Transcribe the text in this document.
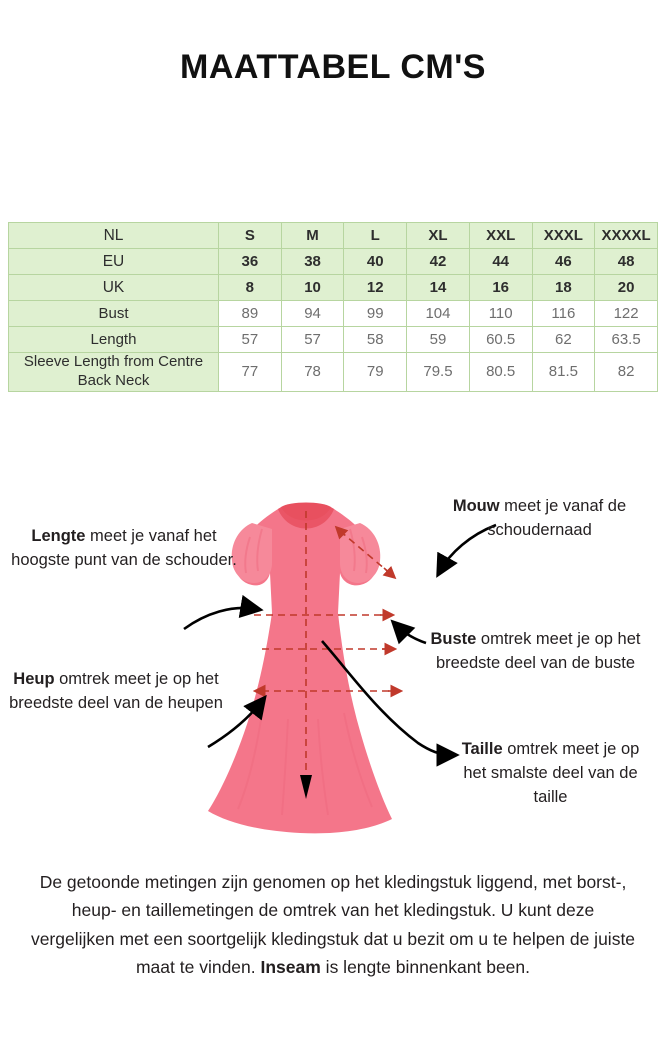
MAATTABEL CM'S
NL	S	M	L	XL	XXL	XXXL	XXXXL
EU	36	38	40	42	44	46	48
UK	8	10	12	14	16	18	20
Bust	89	94	99	104	110	116	122
Length	57	57	58	59	60.5	62	63.5
Sleeve Length from Centre Back Neck	77	78	79	79.5	80.5	81.5	82
Mouw meet je vanaf de schoudernaad
Lengte meet je vanaf het hoogste punt van de schouder.
Buste omtrek meet je op het breedste deel van de buste
Heup omtrek meet je op het breedste deel van de heupen
Taille omtrek meet je op het smalste deel van de taille
De getoonde metingen zijn genomen op het kledingstuk liggend, met borst-, heup- en taillemetingen de omtrek van het kledingstuk. U kunt deze vergelijken met een soortgelijk kledingstuk dat u bezit om u te helpen de juiste maat te vinden. Inseam is lengte binnenkant been.
